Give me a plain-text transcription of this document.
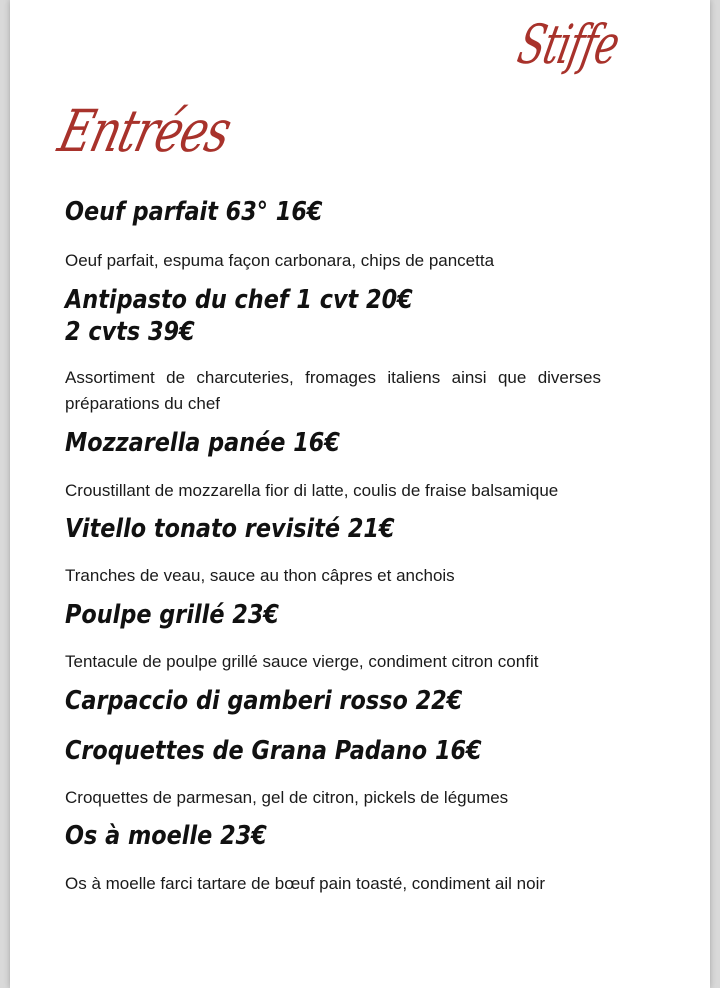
Stiffe
Entrées

Oeuf parfait 63° 16€

Oeuf parfait, espuma façon carbonara, chips de pancetta

Antipasto du chef 1 cvt 20€

2 cvts 39€

Assortiment de charcuteries, fromages italiens ainsi que diverses préparations du chef

Mozzarella panée 16€

Croustillant de mozzarella fior di latte, coulis de fraise balsamique

Vitello tonato revisité 21€

Tranches de veau, sauce au thon câpres et anchois

Poulpe grillé 23€

Tentacule de poulpe grillé sauce vierge, condiment citron confit

Carpaccio di gamberi rosso 22€

Croquettes de Grana Padano 16€

Croquettes de parmesan, gel de citron, pickels de légumes

Os à moelle 23€

Os à moelle farci tartare de bœuf pain toasté, condiment ail noir
